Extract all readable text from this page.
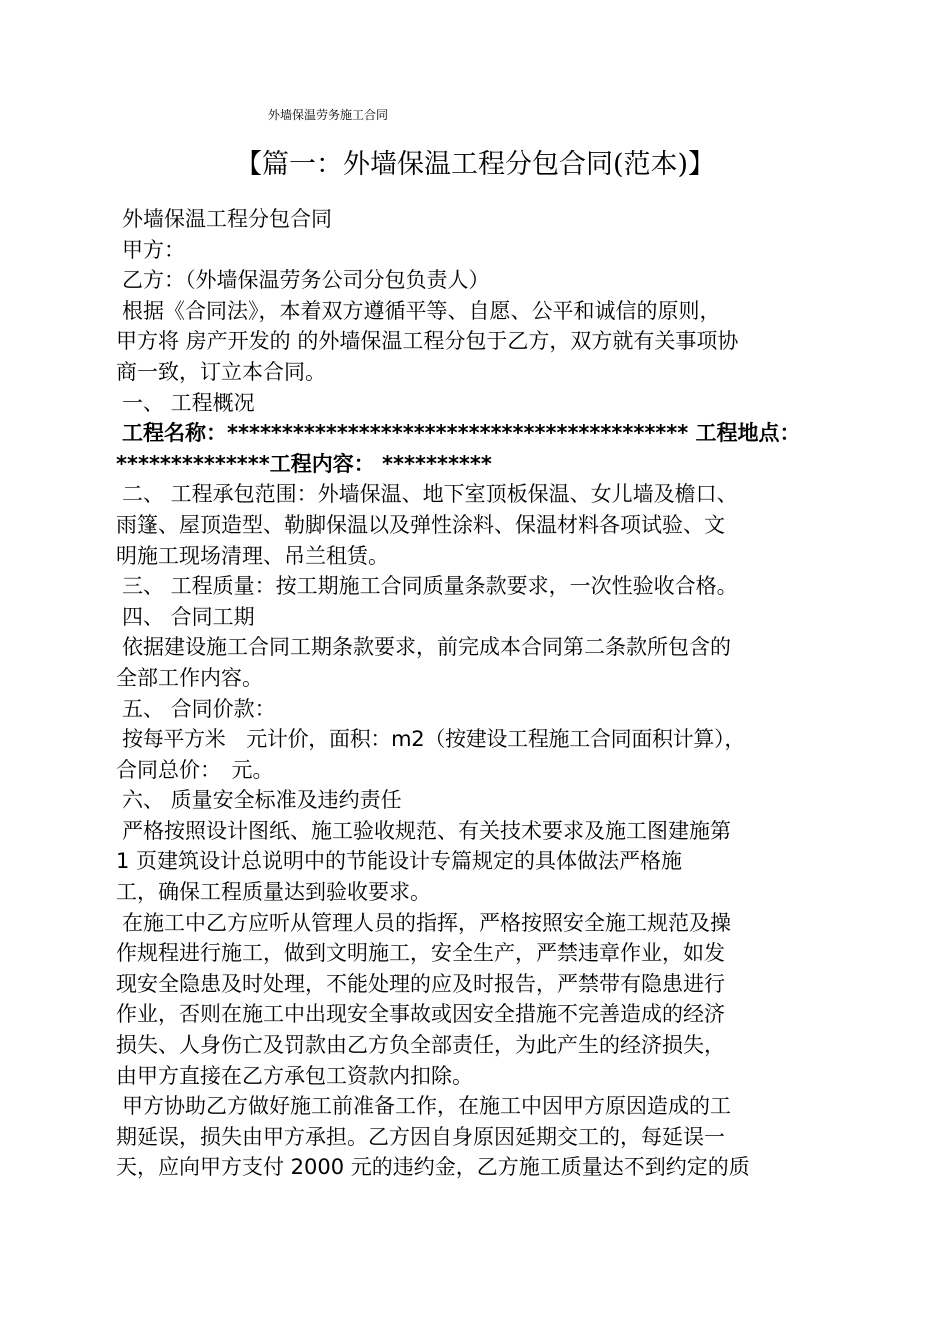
外墙保温劳务施工合同
【篇一：外墙保温工程分包合同(范本)】
外墙保温工程分包合同
甲方：
乙方：（外墙保温劳务公司分包负责人）
根据《合同法》，本着双方遵循平等、自愿、公平和诚信的原则，
甲方将 房产开发的 的外墙保温工程分包于乙方，双方就有关事项协
商一致，订立本合同。
一、 工程概况
工程名称：****************************************** 工程地点：
**************工程内容： **********
二、 工程承包范围：外墙保温、地下室顶板保温、女儿墙及檐口、
雨篷、屋顶造型、勒脚保温以及弹性涂料、保温材料各项试验、文
明施工现场清理、吊兰租赁。
三、 工程质量：按工期施工合同质量条款要求，一次性验收合格。
四、 合同工期
依据建设施工合同工期条款要求，前完成本合同第二条款所包含的
全部工作内容。
五、 合同价款：
按每平方米　元计价，面积：m2（按建设工程施工合同面积计算），
合同总价：　元。
六、 质量安全标准及违约责任
严格按照设计图纸、施工验收规范、有关技术要求及施工图建施第
1 页建筑设计总说明中的节能设计专篇规定的具体做法严格施
工，确保工程质量达到验收要求。
在施工中乙方应听从管理人员的指挥，严格按照安全施工规范及操
作规程进行施工，做到文明施工，安全生产，严禁违章作业，如发
现安全隐患及时处理，不能处理的应及时报告，严禁带有隐患进行
作业，否则在施工中出现安全事故或因安全措施不完善造成的经济
损失、人身伤亡及罚款由乙方负全部责任，为此产生的经济损失，
由甲方直接在乙方承包工资款内扣除。
甲方协助乙方做好施工前准备工作，在施工中因甲方原因造成的工
期延误，损失由甲方承担。乙方因自身原因延期交工的，每延误一
天，应向甲方支付 2000 元的违约金，乙方施工质量达不到约定的质
